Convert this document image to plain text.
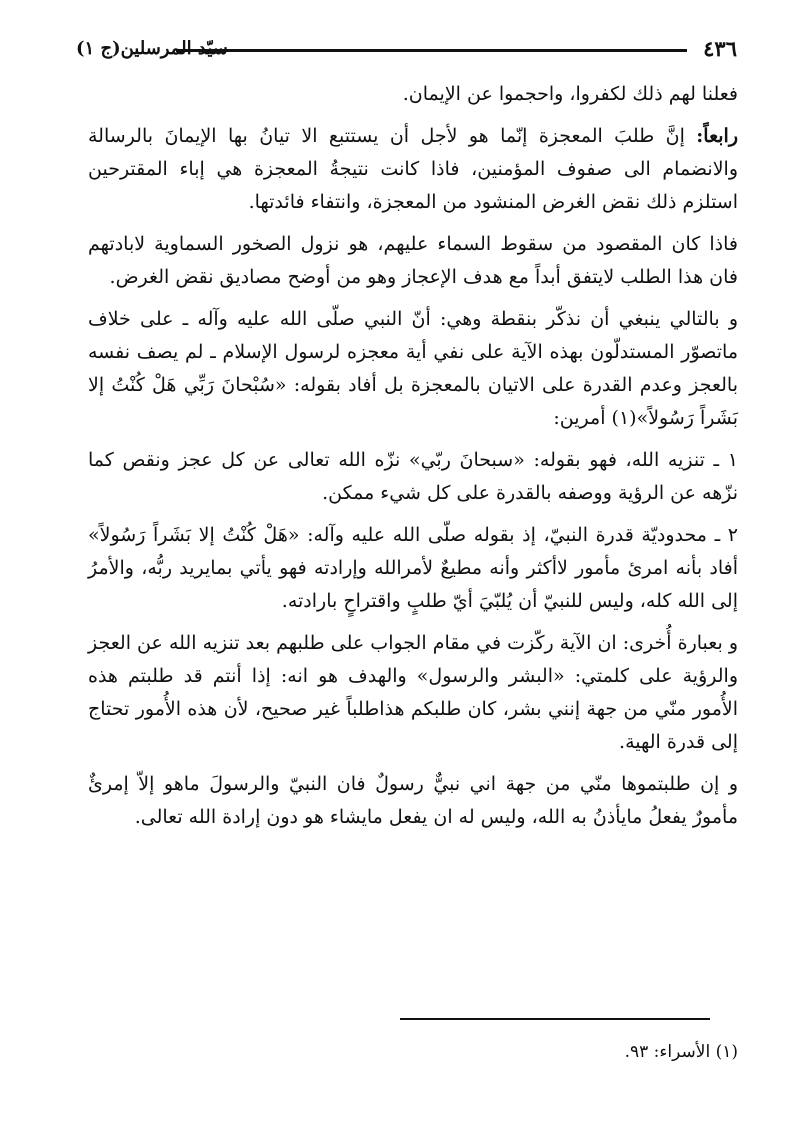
سيّد المرسلين(ج ١)	٤٣٦

فعلنا لهم ذلك لكفروا، واحجموا عن الإيمان.

رابعاً: إنَّ طلبَ المعجزة إنّما هو لأجل أن يستتبع الا تيانُ بها الإيمانَ بالرسالة والانضمام الى صفوف المؤمنين، فاذا كانت نتيجةُ المعجزة هي إباء المقترحين استلزم ذلك نقض الغرض المنشود من المعجزة، وانتفاء فائدتها.

فاذا كان المقصود من سقوط السماء عليهم، هو نزول الصخور السماوية لابادتهم فان هذا الطلب لايتفق أبداً مع هدف الإعجاز وهو من أوضح مصاديق نقض الغرض.

و بالتالي ينبغي أن نذكّر بنقطة وهي: أنّ النبي صلّى الله عليه وآله ـ على خلاف ماتصوّر المستدلّون بهذه الآية على نفي أية معجزه لرسول الإسلام ـ لم يصف نفسه بالعجز وعدم القدرة على الاتيان بالمعجزة بل أفاد بقوله: «سُبْحانَ رَبِّي هَلْ كُنْتُ إلا بَشَراً رَسُولاً»(١) أمرين:

١ ـ تنزيه الله، فهو بقوله: «سبحانَ ربّي» نزّه الله تعالى عن كل عجز ونقص كما نزّهه عن الرؤية ووصفه بالقدرة على كل شيء ممكن.

٢ ـ محدوديّة قدرة النبيّ، إذ بقوله صلّى الله عليه وآله: «هَلْ كُنْتُ إلا بَشَراً رَسُولاً» أفاد بأنه امرئ مأمور لاأكثر وأنه مطيعٌ لأمرالله وإرادته فهو يأتي بمايريد ربُّه، والأمرُ إلى الله كله، وليس للنبيّ أن يُلبّيَ أيّ طلبٍ واقتراحٍ بارادته.

و بعبارة أُخرى: ان الآية ركّزت في مقام الجواب على طلبهم بعد تنزيه الله عن العجز والرؤية على كلمتي: «البشر والرسول» والهدف هو انه: إذا أنتم قد طلبتم هذه الأُمور منّي من جهة إنني بشر، كان طلبكم هذاطلباً غير صحيح، لأن هذه الأُمور تحتاج إلى قدرة الهية.

و إن طلبتموها منّي من جهة اني نبيٌّ رسولٌ فان النبيّ والرسولَ ماهو إلاّ إمرئٌ مأمورٌ يفعلُ مايأذنُ به الله، وليس له ان يفعل مايشاء هو دون إرادة الله تعالى.

(١) الأسراء: ٩٣.
